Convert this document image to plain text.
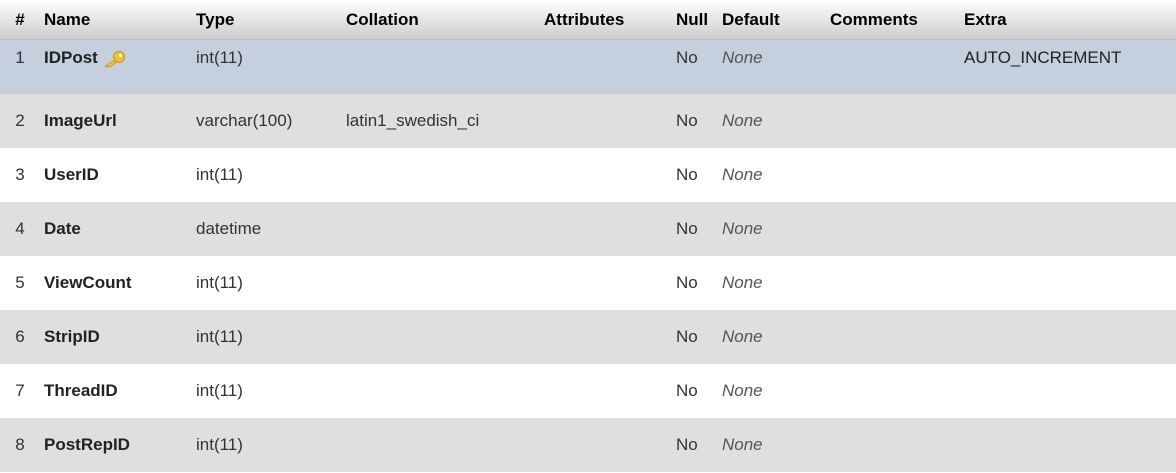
#	Name	Type	Collation	Attributes	Null	Default	Comments	Extra
1	IDPost	int(11)			No	None		AUTO_INCREMENT
2	ImageUrl	varchar(100)	latin1_swedish_ci		No	None		
3	UserID	int(11)			No	None		
4	Date	datetime			No	None		
5	ViewCount	int(11)			No	None		
6	StripID	int(11)			No	None		
7	ThreadID	int(11)			No	None		
8	PostRepID	int(11)			No	None		
